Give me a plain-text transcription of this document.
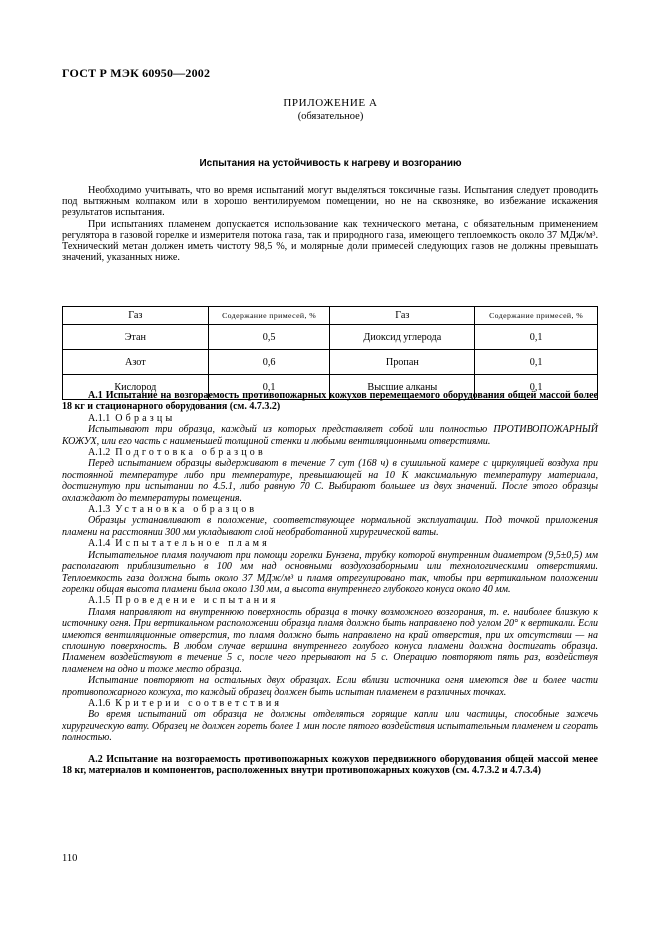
ГОСТ Р МЭК 60950—2002
ПРИЛОЖЕНИЕ А
(обязательное)
Испытания на устойчивость к нагреву и возгоранию

Необходимо учитывать, что во время испытаний могут выделяться токсичные газы. Испытания следует проводить под вытяжным колпаком или в хорошо вентилируемом помещении, но не на сквозняке, во избежание искажения результатов испытания.

При испытаниях пламенем допускается использование как технического метана, с обязательным применением регулятора в газовой горелке и измерителя потока газа, так и природного газа, имеющего теплоемкость около 37 МДж/м³. Технический метан должен иметь чистоту 98,5 %, и молярные доли примесей следующих газов не должны превышать значений, указанных ниже.

Газ	Содержание примесей, %	Газ	Содержание примесей, %
Этан	0,5	Диоксид углерода	0,1
Азот	0,6	Пропан	0,1
Кислород	0,1	Высшие алканы	0,1

А.1 Испытание на возгораемость противопожарных кожухов перемещаемого оборудования общей массой более 18 кг и стационарного оборудования (см. 4.7.3.2)

А.1.1 Образцы

Испытывают три образца, каждый из которых представляет собой или полностью ПРОТИВОПОЖАРНЫЙ КОЖУХ, или его часть с наименьшей толщиной стенки и любыми вентиляционными отверстиями.

А.1.2 Подготовка образцов

Перед испытанием образцы выдерживают в течение 7 сут (168 ч) в сушильной камере с циркуляцией воздуха при постоянной температуре либо при температуре, превышающей на 10 К максимальную температуру материала, достигнутую при испытании по 4.5.1, либо равную 70 С. Выбирают большее из двух значений. После этого образцы охлаждают до температуры помещения.

А.1.3 Установка образцов

Образцы устанавливают в положение, соответствующее нормальной эксплуатации. Под точкой приложения пламени на расстоянии 300 мм укладывают слой необработанной хирургической ваты.

А.1.4 Испытательное пламя

Испытательное пламя получают при помощи горелки Бунзена, трубку которой внутренним диаметром (9,5±0,5) мм располагают приблизительно в 100 мм над основными воздухозаборными или технологическими отверстиями. Теплоемкость газа должна быть около 37 МДж/м³ и пламя отрегулировано так, чтобы при вертикальном положении горелки общая высота пламени была около 130 мм, а высота внутреннего глубокого конуса около 40 мм.

А.1.5 Проведение испытания

Пламя направляют на внутреннюю поверхность образца в точку возможного возгорания, т. е. наиболее близкую к источнику огня. При вертикальном расположении образца пламя должно быть направлено под углом 20° к вертикали. Если имеются вентиляционные отверстия, то пламя должно быть направлено на край отверстия, при их отсутствии — на сплошную поверхность. В любом случае вершина внутреннего голубого конуса пламени должна достигать образца. Пламенем воздействуют в течение 5 с, после чего прерывают на 5 с. Операцию повторяют пять раз, воздействуя пламенем на одно и тоже место образца.

Испытание повторяют на остальных двух образцах. Если вблизи источника огня имеются две и более части противопожарного кожуха, то каждый образец должен быть испытан пламенем в различных точках.

А.1.6 Критерии соответствия

Во время испытаний от образца не должны отделяться горящие капли или частицы, способные зажечь хирургическую вату. Образец не должен гореть более 1 мин после пятого воздействия испытательным пламенем и сгорать полностью.

А.2 Испытание на возгораемость противопожарных кожухов передвижного оборудования общей массой менее 18 кг, материалов и компонентов, расположенных внутри противопожарных кожухов (см. 4.7.3.2 и 4.7.3.4)

110
